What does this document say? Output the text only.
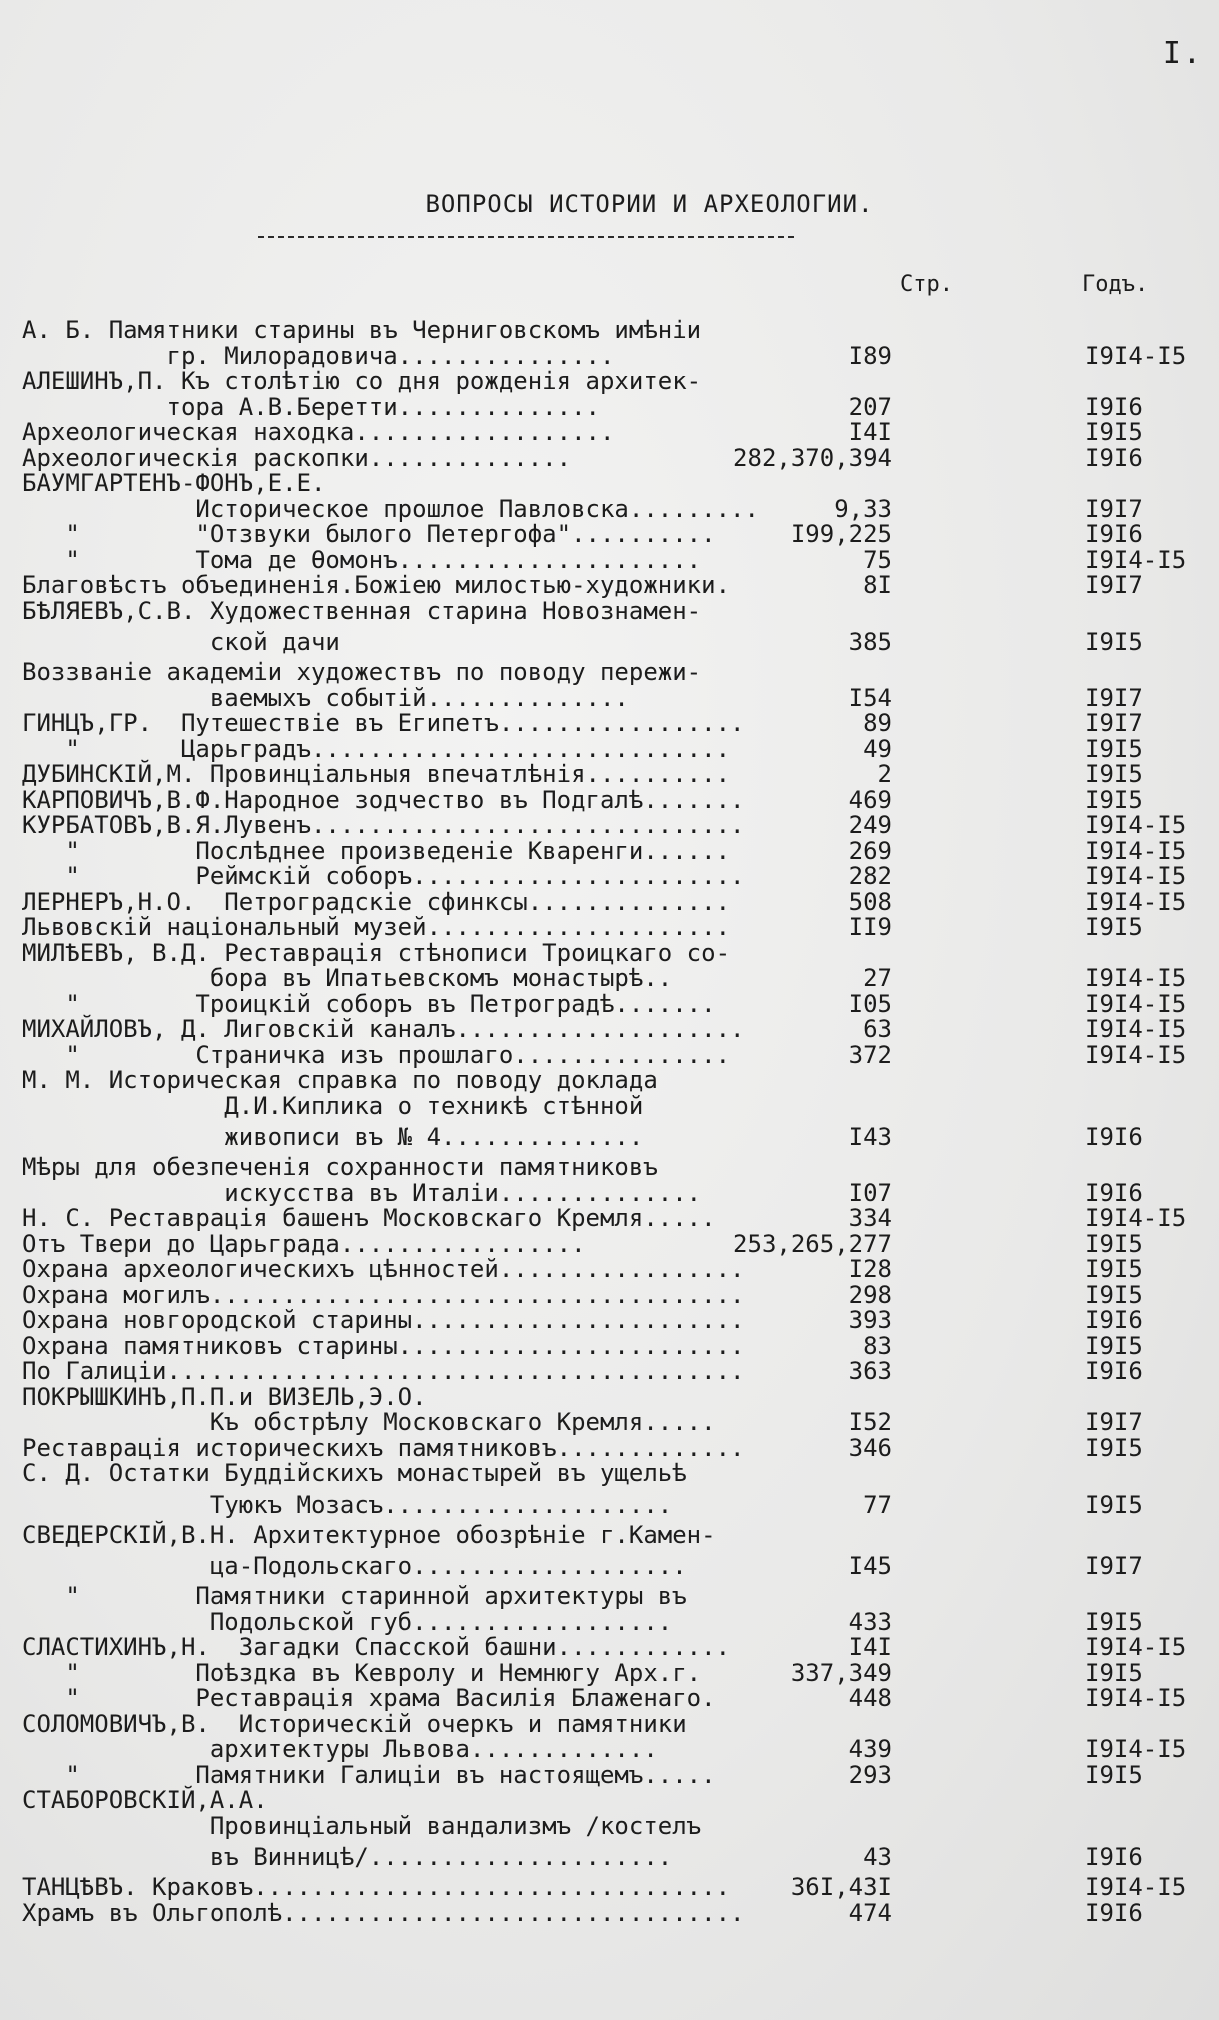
I.
ВОПРОСЫ ИСТОРИИ И АРХЕОЛОГИИ.
Стр.	Годъ.
А. Б. Памятники старины въ Черниговскомъ имѣніи
гр. Милорадовича...............	I89	I9I4-I5
АЛЕШИНЪ,П. Къ столѣтію со дня рожденія архитек-
тора А.В.Беретти..............	207	I9I6
Археологическая находка..................	I4I	I9I5
Археологическія раскопки..............	282,370,394	I9I6
БАУМГАРТЕНЪ-ФОНЪ,Е.Е.
Историческое прошлое Павловска.........	9,33	I9I7
"        "Отзвуки былого Петергофа"..........	I99,225	I9I6
"        Тома де Ѳомонъ.....................	75	I9I4-I5
Благовѣстъ объединенія.Божіею милостью-художники.	8I	I9I7
БѢЛЯЕВЪ,С.В. Художественная старина Новознамен-
ской дачи	385	I9I5
Воззваніе академіи художествъ по поводу пережи-
ваемыхъ событій..............	I54	I9I7
ГИНЦЪ,ГР.  Путешествіе въ Египетъ.................	89	I9I7
"       Царьградъ.............................	49	I9I5
ДУБИНСКІЙ,М. Провинціальныя впечатлѣнія..........	2	I9I5
КАРПОВИЧЪ,В.Ф.Народное зодчество въ Подгалѣ.......	469	I9I5
КУРБАТОВЪ,В.Я.Лувенъ..............................	249	I9I4-I5
"        Послѣднее произведеніе Кваренги......	269	I9I4-I5
"        Реймскій соборъ.......................	282	I9I4-I5
ЛЕРНЕРЪ,Н.О.  Петроградскіе сфинксы..............	508	I9I4-I5
Львовскій національный музей.....................	II9	I9I5
МИЛѢЕВЪ, В.Д. Реставрація стѣнописи Троицкаго со-
бора въ Ипатьевскомъ монастырѣ..	27	I9I4-I5
"        Троицкій соборъ въ Петроградѣ.......	I05	I9I4-I5
МИХАЙЛОВЪ, Д. Лиговскій каналъ....................	63	I9I4-I5
"        Страничка изъ прошлаго...............	372	I9I4-I5
М. М. Историческая справка по поводу доклада
Д.И.Киплика о техникѣ стѣнной
живописи въ № 4..............	I43	I9I6
Мѣры для обезпеченія сохранности памятниковъ
искусства въ Италіи..............	I07	I9I6
Н. С. Реставрація башенъ Московскаго Кремля.....	334	I9I4-I5
Отъ Твери до Царьграда.................	253,265,277	I9I5
Охрана археологическихъ цѣнностей.................	I28	I9I5
Охрана могилъ.....................................	298	I9I5
Охрана новгородской старины.......................	393	I9I6
Охрана памятниковъ старины........................	83	I9I5
По Галиціи........................................	363	I9I6
ПОКРЫШКИНЪ,П.П.и ВИЗЕЛЬ,Э.О.
Къ обстрѣлу Московскаго Кремля.....	I52	I9I7
Реставрація историческихъ памятниковъ.............	346	I9I5
С. Д. Остатки Буддійскихъ монастырей въ ущельѣ
Туюкъ Мозасъ....................	77	I9I5
СВЕДЕРСКІЙ,В.Н. Архитектурное обозрѣніе г.Камен-
ца-Подольскаго...................	I45	I9I7
"        Памятники старинной архитектуры въ
Подольской губ..................	433	I9I5
СЛАСТИХИНЪ,Н.  Загадки Спасской башни............	I4I	I9I4-I5
"        Поѣздка въ Кевролу и Немнюгу Арх.г.	337,349	I9I5
"        Реставрація храма Василія Блаженаго.	448	I9I4-I5
СОЛОМОВИЧЪ,В.  Историческій очеркъ и памятники
архитектуры Львова.............	439	I9I4-I5
"        Памятники Галиціи въ настоящемъ.....	293	I9I5
СТАБОРОВСКІЙ,А.А.
Провинціальный вандализмъ /костелъ
въ Винницѣ/.....................	43	I9I6
ТАНЦѢВЪ. Краковъ.................................	36I,43I	I9I4-I5
Храмъ въ Ольгополѣ................................	474	I9I6
